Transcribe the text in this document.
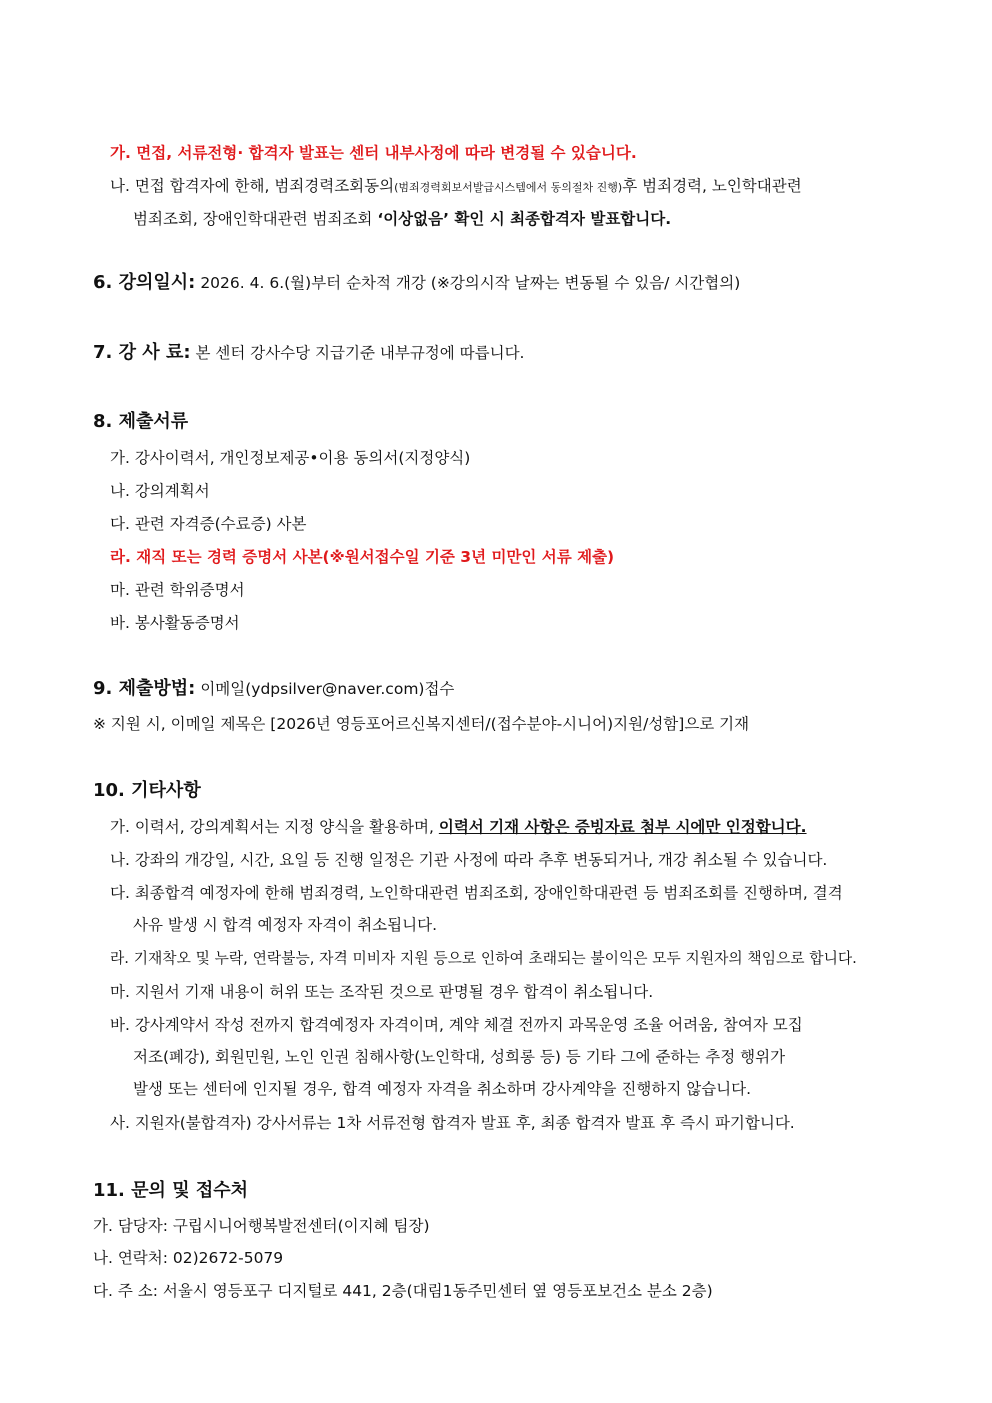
가. 면접, 서류전형· 합격자 발표는 센터 내부사정에 따라 변경될 수 있습니다.
나. 면접 합격자에 한해, 범죄경력조회동의(범죄경력회보서발급시스템에서 동의절차 진행)후 범죄경력, 노인학대관련
범죄조회, 장애인학대관련 범죄조회 ‘이상없음’ 확인 시 최종합격자 발표합니다.
6. 강의일시: 2026. 4. 6.(월)부터 순차적 개강 (※강의시작 날짜는 변동될 수 있음/ 시간협의)
7. 강 사 료: 본 센터 강사수당 지급기준 내부규정에 따릅니다.
8. 제출서류
가. 강사이력서, 개인정보제공•이용 동의서(지정양식)
나. 강의계획서
다. 관련 자격증(수료증) 사본
라. 재직 또는 경력 증명서 사본(※원서접수일 기준 3년 미만인 서류 제출)
마. 관련 학위증명서
바. 봉사활동증명서
9. 제출방법: 이메일(ydpsilver@naver.com)접수
※ 지원 시, 이메일 제목은 [2026년 영등포어르신복지센터/(접수분야-시니어)지원/성함]으로 기재
10. 기타사항
가. 이력서, 강의계획서는 지정 양식을 활용하며, 이력서 기재 사항은 증빙자료 첨부 시에만 인정합니다.
나. 강좌의 개강일, 시간, 요일 등 진행 일정은 기관 사정에 따라 추후 변동되거나, 개강 취소될 수 있습니다.
다. 최종합격 예정자에 한해 범죄경력, 노인학대관련 범죄조회, 장애인학대관련 등 범죄조회를 진행하며, 결격
사유 발생 시 합격 예정자 자격이 취소됩니다.
라. 기재착오 및 누락, 연락불능, 자격 미비자 지원 등으로 인하여 초래되는 불이익은 모두 지원자의 책임으로 합니다.
마. 지원서 기재 내용이 허위 또는 조작된 것으로 판명될 경우 합격이 취소됩니다.
바. 강사계약서 작성 전까지 합격예정자 자격이며, 계약 체결 전까지 과목운영 조율 어려움, 참여자 모집
저조(폐강), 회원민원, 노인 인권 침해사항(노인학대, 성희롱 등) 등 기타 그에 준하는 추정 행위가
발생 또는 센터에 인지될 경우, 합격 예정자 자격을 취소하며 강사계약을 진행하지 않습니다.
사. 지원자(불합격자) 강사서류는 1차 서류전형 합격자 발표 후, 최종 합격자 발표 후 즉시 파기합니다.
11. 문의 및 접수처
가. 담당자: 구립시니어행복발전센터(이지혜 팀장)
나. 연락처: 02)2672-5079
다. 주 소: 서울시 영등포구 디지털로 441, 2층(대림1동주민센터 옆 영등포보건소 분소 2층)
